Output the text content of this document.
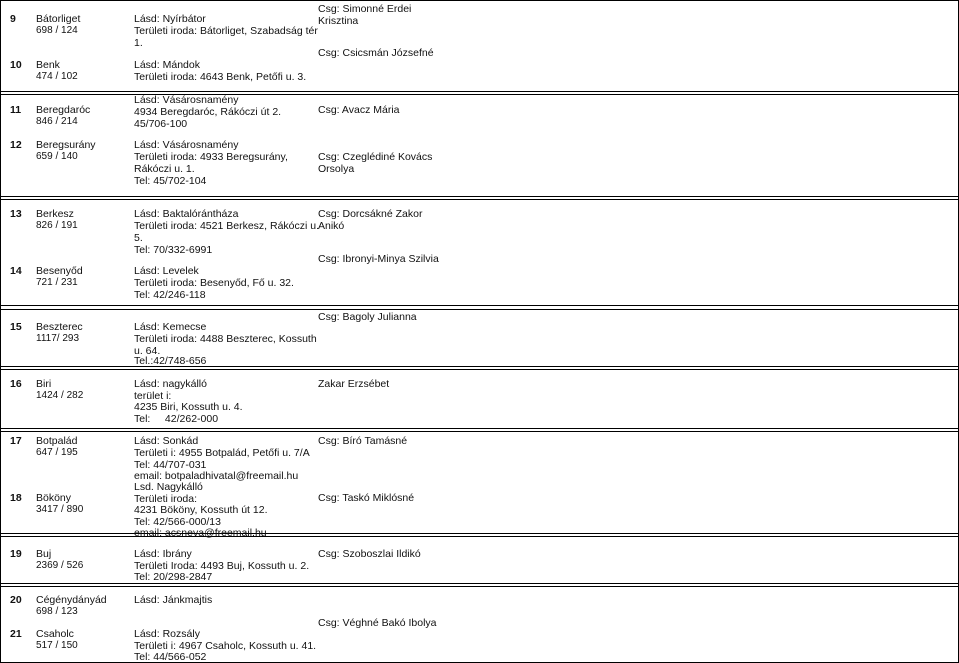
9 Bátorliget
698 / 124
Lásd: Nyírbátor
Területi iroda: Bátorliget, Szabadság tér
1.
Csg: Simonné Erdei
Krisztina
10 Benk
474 / 102
Lásd: Mándok
Területi iroda: 4643 Benk, Petőfi u. 3.
Csg: Csicsmán Józsefné
11 Beregdaróc
846 / 214
Lásd: Vásárosnamény
4934 Beregdaróc, Rákóczi út 2.
45/706-100
Csg: Avacz Mária
12 Beregsurány
659 / 140
Lásd: Vásárosnamény
Területi iroda: 4933 Beregsurány,
Rákóczi u. 1.
Tel: 45/702-104
Csg: Czeglédiné Kovács
Orsolya
13 Berkesz
826 / 191
Lásd: Baktalórántháza
Területi iroda: 4521 Berkesz, Rákóczi u.
5.
Tel: 70/332-6991
Csg: Dorcsákné Zakor
Anikó
14 Besenyőd
721 / 231
Lásd: Levelek
Területi iroda: Besenyőd, Fő u. 32.
Tel: 42/246-118
Csg: Ibronyi-Minya Szilvia
15 Beszterec
1117/ 293
Lásd: Kemecse
Területi iroda: 4488 Beszterec, Kossuth
u. 64.
Tel.:42/748-656
Csg: Bagoly Julianna
16 Biri
1424 / 282
Lásd: nagykálló
terület i:
4235 Biri, Kossuth u. 4.
Tel:     42/262-000
Zakar Erzsébet
17 Botpalád
647 / 195
Lásd: Sonkád
Területi i: 4955 Botpalád, Petőfi u. 7/A
Tel: 44/707-031
email: botpaladhivatal@freemail.hu
Csg: Bíró Tamásné
18 Bököny
3417 / 890
Lsd. Nagykálló
Területi iroda:
4231 Bököny, Kossuth út 12.
Tel: 42/566-000/13
email: acsneva@freemail.hu
Csg: Taskó Miklósné
19 Buj
2369 / 526
Lásd: Ibrány
Területi Iroda: 4493 Buj, Kossuth u. 2.
Tel: 20/298-2847
Csg: Szoboszlai Ildikó
20 Cégénydányád
698 / 123
Lásd: Jánkmajtis
21 Csaholc
517 / 150
Lásd: Rozsály
Területi i: 4967 Csaholc, Kossuth u. 41.
Tel: 44/566-052
Csg: Véghné Bakó Ibolya
